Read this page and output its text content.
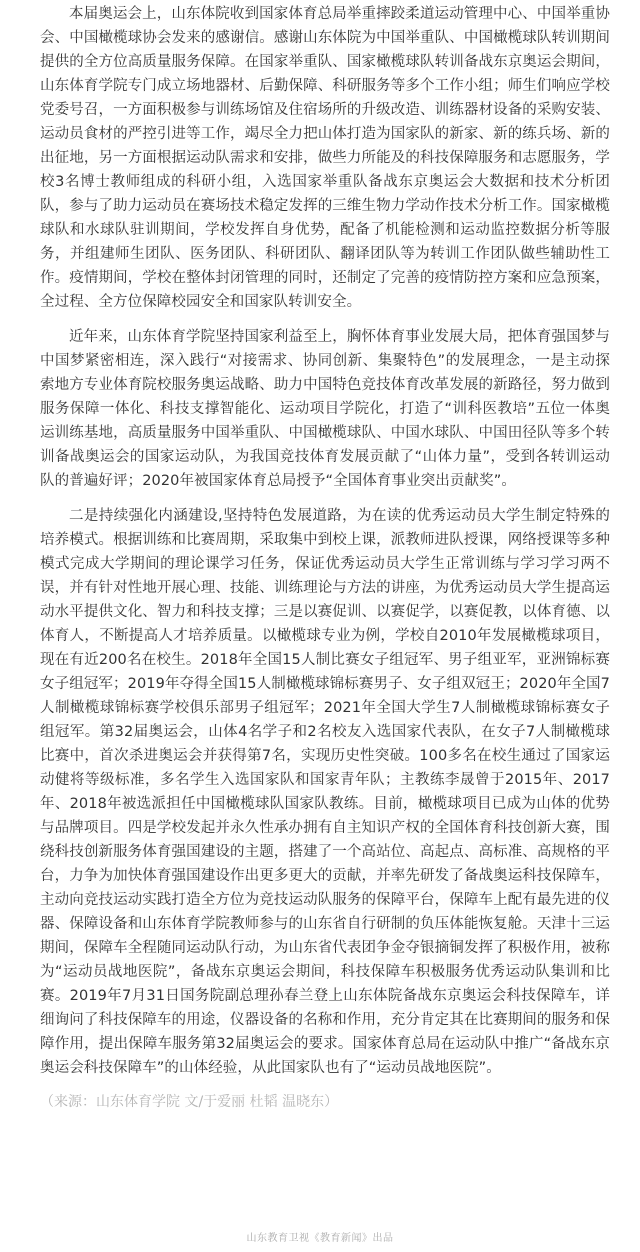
本届奥运会上，山东体院收到国家体育总局举重摔跤柔道运动管理中心、中国举重协会、中国橄榄球协会发来的感谢信。感谢山东体院为中国举重队、中国橄榄球队转训期间提供的全方位高质量服务保障。在国家举重队、国家橄榄球队转训备战东京奥运会期间，山东体育学院专门成立场地器材、后勤保障、科研服务等多个工作小组；师生们响应学校党委号召，一方面积极参与训练场馆及住宿场所的升级改造、训练器材设备的采购安装、运动员食材的严控引进等工作，竭尽全力把山体打造为国家队的新家、新的练兵场、新的出征地，另一方面根据运动队需求和安排，做些力所能及的科技保障服务和志愿服务，学校3名博士教师组成的科研小组，入选国家举重队备战东京奥运会大数据和技术分析团队，参与了助力运动员在赛场技术稳定发挥的三维生物力学动作技术分析工作。国家橄榄球队和水球队驻训期间，学校发挥自身优势，配备了机能检测和运动监控数据分析等服务，并组建师生团队、医务团队、科研团队、翻译团队等为转训工作团队做些辅助性工作。疫情期间，学校在整体封闭管理的同时，还制定了完善的疫情防控方案和应急预案，全过程、全方位保障校园安全和国家队转训安全。

近年来，山东体育学院坚持国家利益至上，胸怀体育事业发展大局，把体育强国梦与中国梦紧密相连，深入践行“对接需求、协同创新、集聚特色”的发展理念，一是主动探索地方专业体育院校服务奥运战略、助力中国特色竞技体育改革发展的新路径，努力做到服务保障一体化、科技支撑智能化、运动项目学院化，打造了“训科医教培”五位一体奥运训练基地，高质量服务中国举重队、中国橄榄球队、中国水球队、中国田径队等多个转训备战奥运会的国家运动队，为我国竞技体育发展贡献了“山体力量”，受到各转训运动队的普遍好评；2020年被国家体育总局授予“全国体育事业突出贡献奖”。

二是持续强化内涵建设,坚持特色发展道路，为在读的优秀运动员大学生制定特殊的培养模式。根据训练和比赛周期，采取集中到校上课，派教师进队授课，网络授课等多种模式完成大学期间的理论课学习任务，保证优秀运动员大学生正常训练与学习学习两不误，并有针对性地开展心理、技能、训练理论与方法的讲座，为优秀运动员大学生提高运动水平提供文化、智力和科技支撑；三是以赛促训、以赛促学，以赛促教，以体育德、以体育人，不断提高人才培养质量。以橄榄球专业为例，学校自2010年发展橄榄球项目，现在有近200名在校生。2018年全国15人制比赛女子组冠军、男子组亚军，亚洲锦标赛女子组冠军；2019年夺得全国15人制橄榄球锦标赛男子、女子组双冠王；2020年全国7人制橄榄球锦标赛学校俱乐部男子组冠军；2021年全国大学生7人制橄榄球锦标赛女子组冠军。第32届奥运会，山体4名学子和2名校友入选国家代表队，在女子7人制橄榄球比赛中，首次杀进奥运会并获得第7名，实现历史性突破。100多名在校生通过了国家运动健将等级标准，多名学生入选国家队和国家青年队；主教练李晟曾于2015年、2017年、2018年被选派担任中国橄榄球队国家队教练。目前，橄榄球项目已成为山体的优势与品牌项目。四是学校发起并永久性承办拥有自主知识产权的全国体育科技创新大赛，围绕科技创新服务体育强国建设的主题，搭建了一个高站位、高起点、高标准、高规格的平台，力争为加快体育强国建设作出更多更大的贡献，并率先研发了备战奥运科技保障车，主动向竞技运动实践打造全方位为竞技运动队服务的保障平台，保障车上配有最先进的仪器、保障设备和山东体育学院教师参与的山东省自行研制的负压体能恢复舱。天津十三运期间，保障车全程随同运动队行动，为山东省代表团争金夺银摘铜发挥了积极作用，被称为“运动员战地医院”，备战东京奥运会期间，科技保障车积极服务优秀运动队集训和比赛。2019年7月31日国务院副总理孙春兰登上山东体院备战东京奥运会科技保障车，详细询问了科技保障车的用途，仪器设备的名称和作用，充分肯定其在比赛期间的服务和保障作用，提出保障车服务第32届奥运会的要求。国家体育总局在运动队中推广“备战东京奥运会科技保障车”的山体经验，从此国家队也有了“运动员战地医院”。

（来源：山东体育学院 文/于爱丽 杜韬 温晓东）

山东教育卫视《教育新闻》出品
